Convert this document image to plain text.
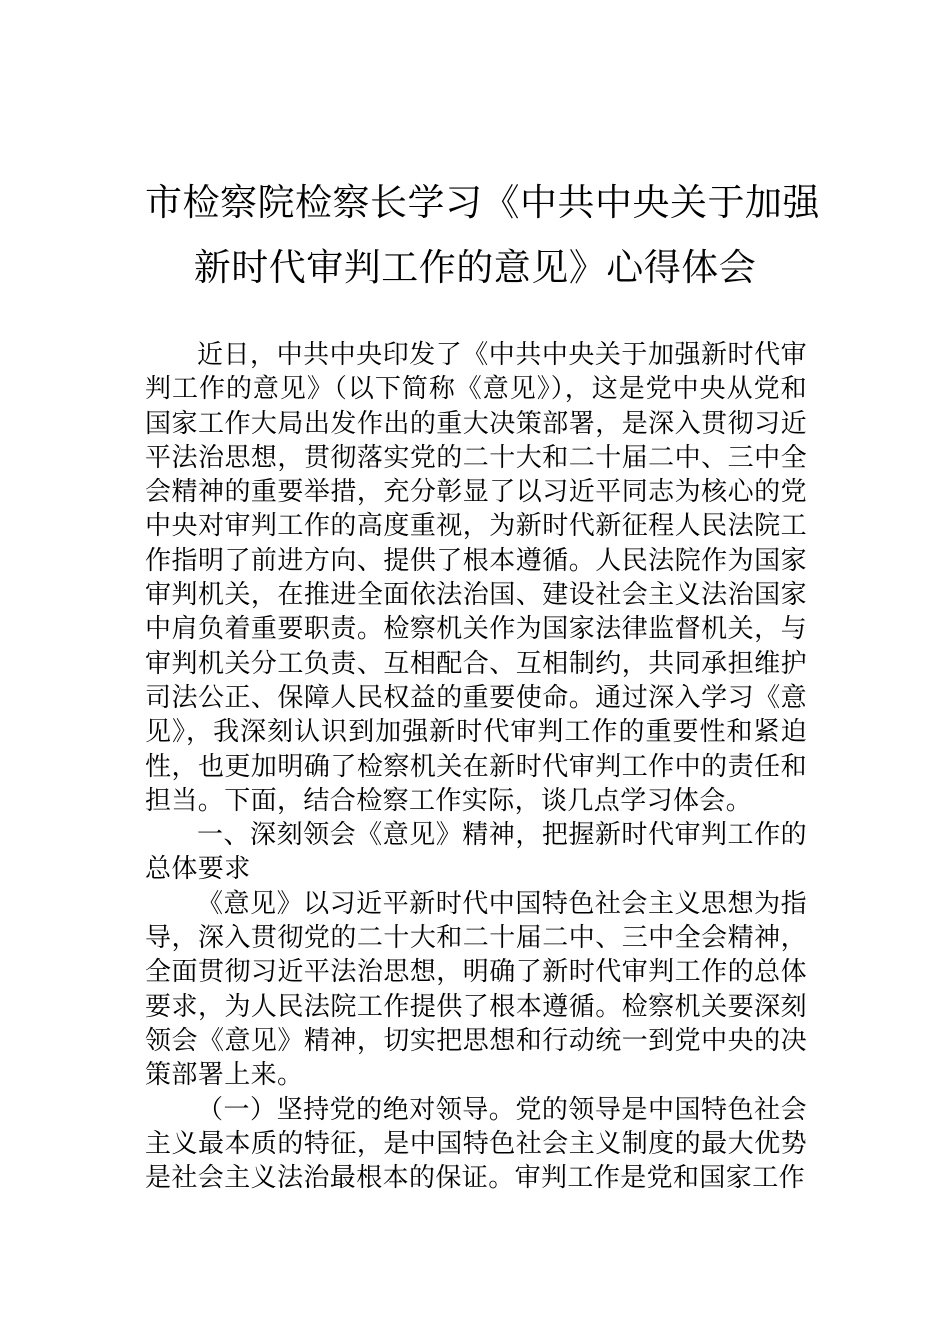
市检察院检察长学习《中共中央关于加强
新时代审判工作的意见》心得体会

近日，中共中央印发了《中共中央关于加强新时代审判工作的意见》（以下简称《意见》），这是党中央从党和国家工作大局出发作出的重大决策部署，是深入贯彻习近平法治思想，贯彻落实党的二十大和二十届二中、三中全会精神的重要举措，充分彰显了以习近平同志为核心的党中央对审判工作的高度重视，为新时代新征程人民法院工作指明了前进方向、提供了根本遵循。人民法院作为国家审判机关，在推进全面依法治国、建设社会主义法治国家中肩负着重要职责。检察机关作为国家法律监督机关，与审判机关分工负责、互相配合、互相制约，共同承担维护司法公正、保障人民权益的重要使命。通过深入学习《意见》，我深刻认识到加强新时代审判工作的重要性和紧迫性，也更加明确了检察机关在新时代审判工作中的责任和担当。下面，结合检察工作实际，谈几点学习体会。

一、深刻领会《意见》精神，把握新时代审判工作的总体要求

《意见》以习近平新时代中国特色社会主义思想为指导，深入贯彻党的二十大和二十届二中、三中全会精神，全面贯彻习近平法治思想，明确了新时代审判工作的总体要求，为人民法院工作提供了根本遵循。检察机关要深刻领会《意见》精神，切实把思想和行动统一到党中央的决策部署上来。

（一）坚持党的绝对领导。党的领导是中国特色社会主义最本质的特征，是中国特色社会主义制度的最大优势是社会主义法治最根本的保证。审判工作是党和国家工作
